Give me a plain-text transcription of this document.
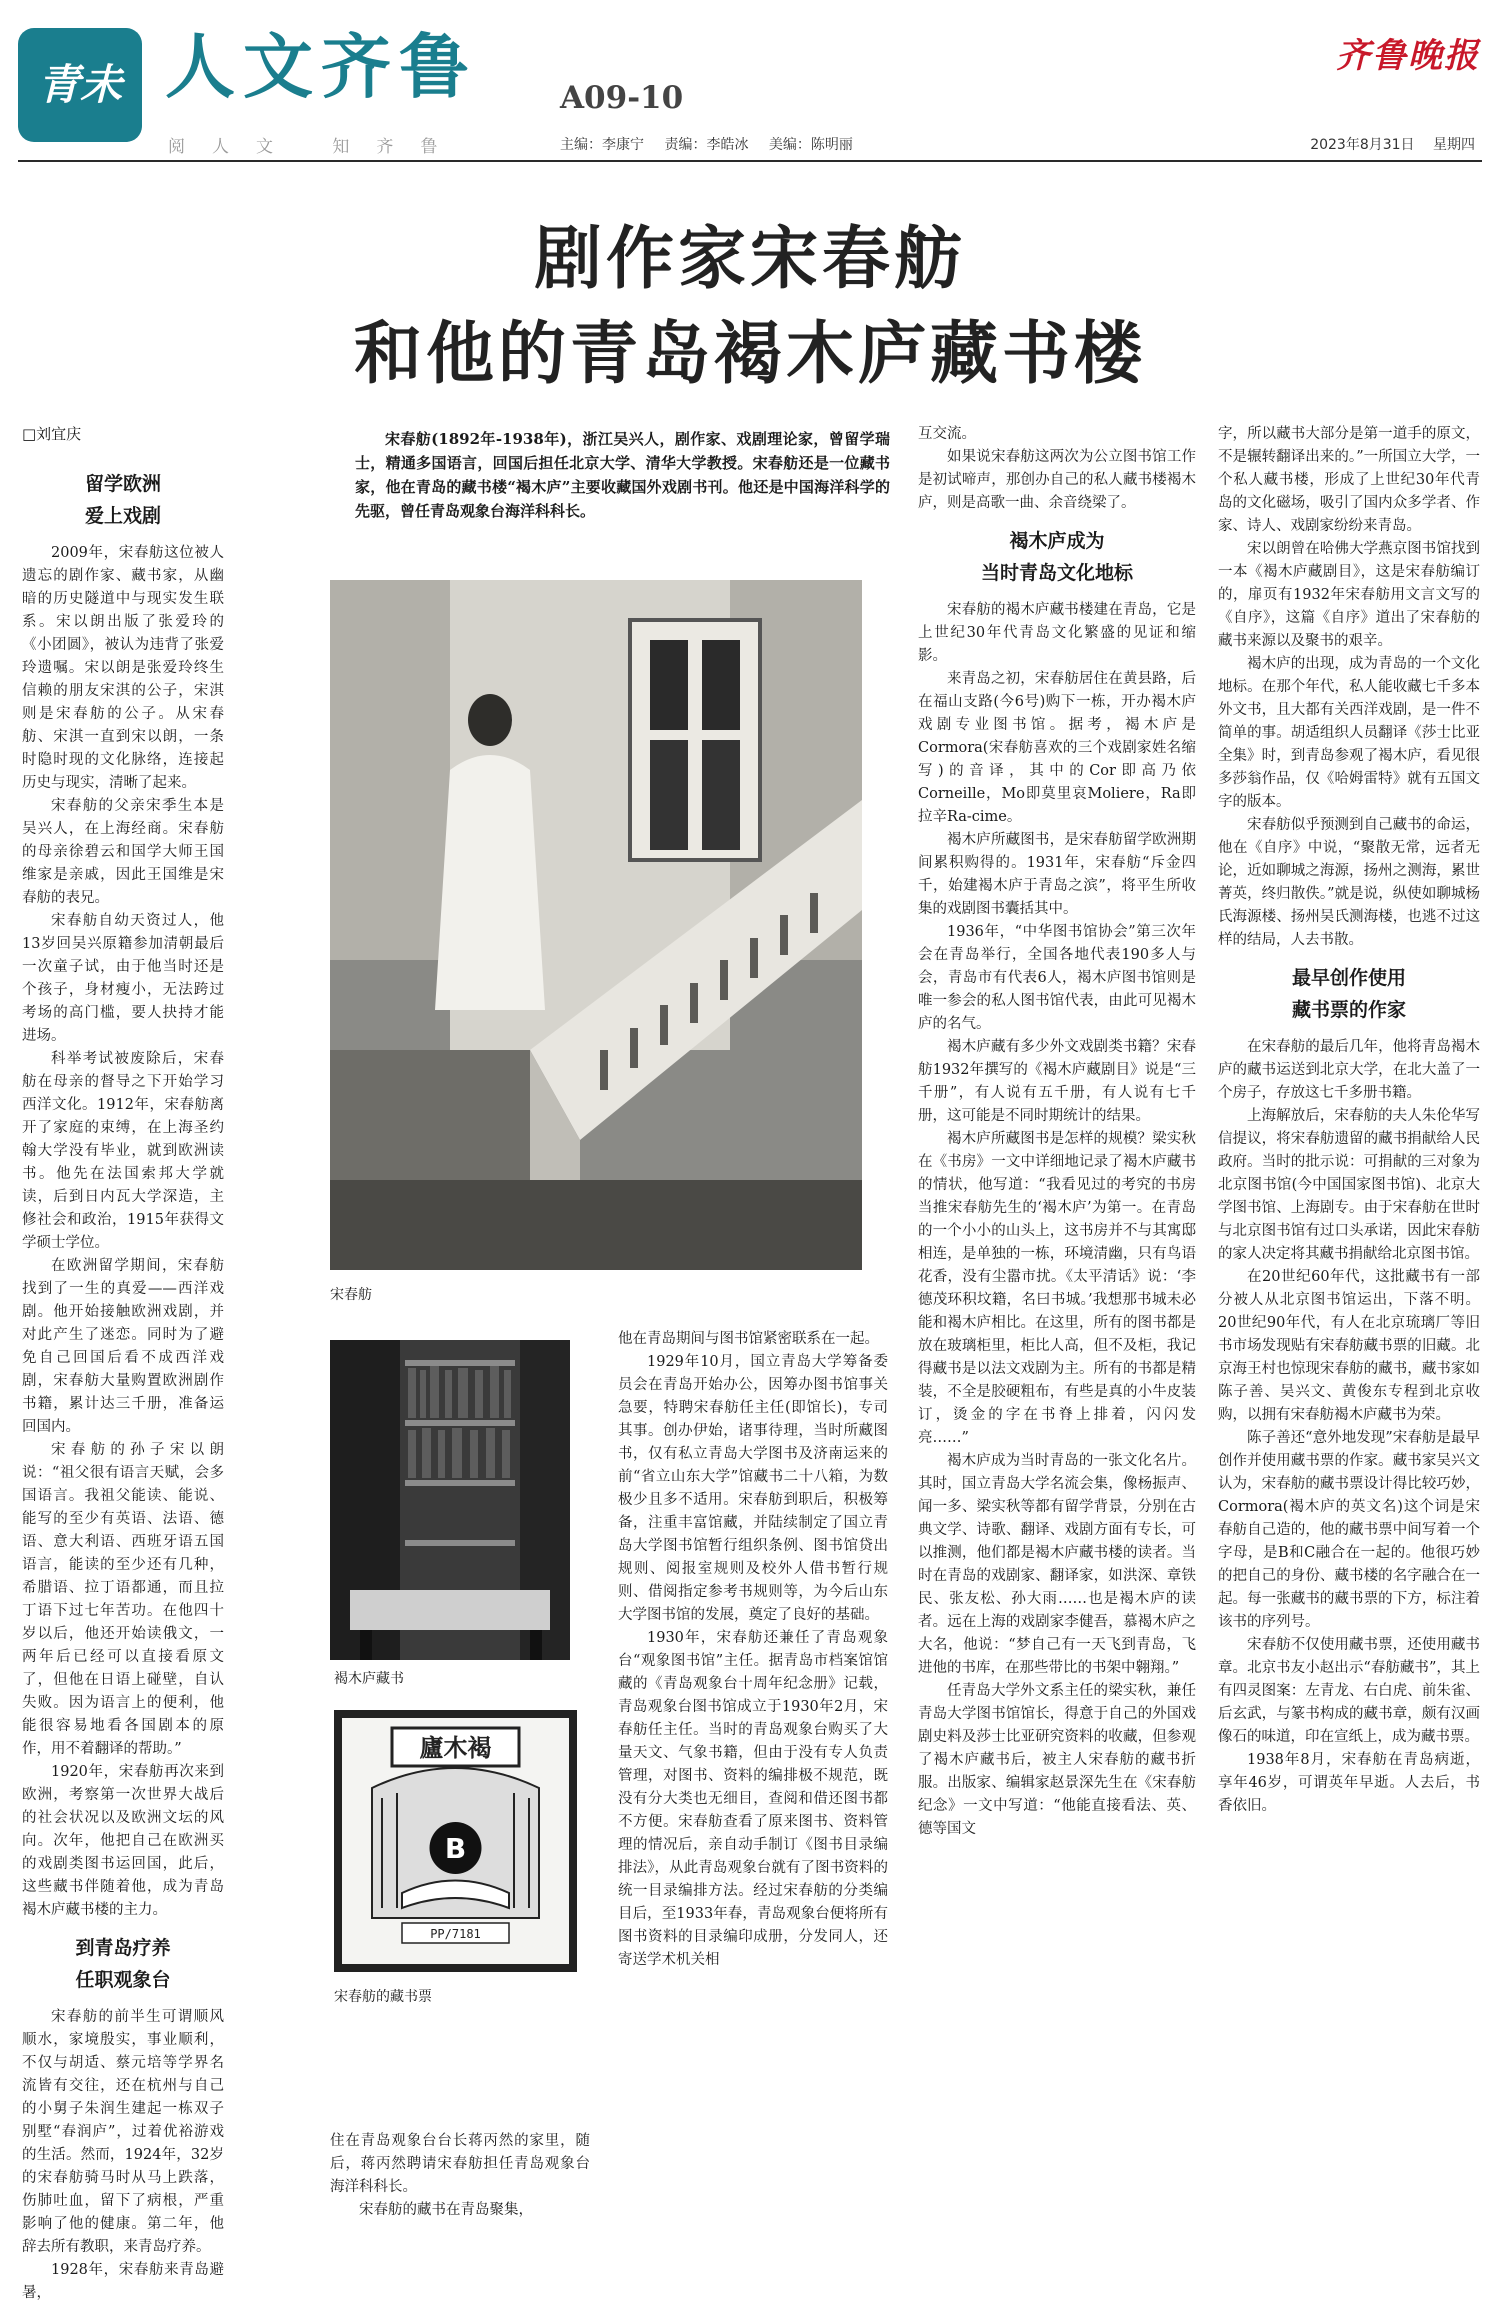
青未了
人文齐鲁	A09-10
齐鲁晚报
阅人文 知齐鲁	主编：李康宁 责编：李皓冰 美编：陈明丽	2023年8月31日 星期四
剧作家宋春舫
和他的青岛褐木庐藏书楼
□刘宜庆	宋春舫(1892年-1938年)，浙江吴兴人，剧作家、戏剧理论家，曾留学瑞士，精通多国语言，回国后担任北京大学、清华大学教授。宋春舫还是一位藏书家，他在青岛的藏书楼“褐木庐”主要收藏国外戏剧书刊。他还是中国海洋科学的先驱，曾任青岛观象台海洋科科长。
留学欧洲
爱上戏剧

2009年，宋春舫这位被人遗忘的剧作家、藏书家，从幽暗的历史隧道中与现实发生联系。宋以朗出版了张爱玲的《小团圆》，被认为违背了张爱玲遗嘱。宋以朗是张爱玲终生信赖的朋友宋淇的公子，宋淇则是宋春舫的公子。从宋春舫、宋淇一直到宋以朗，一条时隐时现的文化脉络，连接起历史与现实，清晰了起来。

宋春舫的父亲宋季生本是吴兴人，在上海经商。宋春舫的母亲徐碧云和国学大师王国维家是亲戚，因此王国维是宋春舫的表兄。

宋春舫自幼天资过人，他13岁回吴兴原籍参加清朝最后一次童子试，由于他当时还是个孩子，身材瘦小，无法跨过考场的高门槛，要人抉持才能进场。

科举考试被废除后，宋春舫在母亲的督导之下开始学习西洋文化。1912年，宋春舫离开了家庭的束缚，在上海圣约翰大学没有毕业，就到欧洲读书。他先在法国索邦大学就读，后到日内瓦大学深造，主修社会和政治，1915年获得文学硕士学位。

在欧洲留学期间，宋春舫找到了一生的真爱——西洋戏剧。他开始接触欧洲戏剧，并对此产生了迷恋。同时为了避免自己回国后看不成西洋戏剧，宋春舫大量购置欧洲剧作书籍，累计达三千册，准备运回国内。

宋春舫的孙子宋以朗说：“祖父很有语言天赋，会多国语言。我祖父能读、能说、能写的至少有英语、法语、德语、意大利语、西班牙语五国语言，能读的至少还有几种，希腊语、拉丁语都通，而且拉丁语下过七年苦功。在他四十岁以后，他还开始读俄文，一两年后已经可以直接看原文了，但他在日语上碰壁，自认失败。因为语言上的便利，他能很容易地看各国剧本的原作，用不着翻译的帮助。”

1920年，宋春舫再次来到欧洲，考察第一次世界大战后的社会状况以及欧洲文坛的风向。次年，他把自己在欧洲买的戏剧类图书运回国，此后，这些藏书伴随着他，成为青岛褐木庐藏书楼的主力。

到青岛疗养
任职观象台

宋春舫的前半生可谓顺风顺水，家境殷实，事业顺利，不仅与胡适、蔡元培等学界名流皆有交往，还在杭州与自己的小舅子朱润生建起一栋双子别墅“春润庐”，过着优裕游戏的生活。然而，1924年，32岁的宋春舫骑马时从马上跌落，伤肺吐血，留下了病根，严重影响了他的健康。第二年，他辞去所有教职，来青岛疗养。

1928年，宋春舫来青岛避暑，

宋春舫
褐木庐藏书
廬木褐
B
PP/7181
宋春舫的藏书票

他在青岛期间与图书馆紧密联系在一起。

1929年10月，国立青岛大学筹备委员会在青岛开始办公，因筹办图书馆事关急要，特聘宋春舫任主任(即馆长)，专司其事。创办伊始，诸事待理，当时所藏图书，仅有私立青岛大学图书及济南运来的前“省立山东大学”馆藏书二十八箱，为数极少且多不适用。宋春舫到职后，积极筹备，注重丰富馆藏，并陆续制定了国立青岛大学图书馆暂行组织条例、图书馆贷出规则、阅报室规则及校外人借书暂行规则、借阅指定参考书规则等，为今后山东大学图书馆的发展，奠定了良好的基础。

1930年，宋春舫还兼任了青岛观象台“观象图书馆”主任。据青岛市档案馆馆藏的《青岛观象台十周年纪念册》记载，青岛观象台图书馆成立于1930年2月，宋春舫任主任。当时的青岛观象台购买了大量天文、气象书籍，但由于没有专人负责管理，对图书、资料的编排极不规范，既没有分大类也无细目，查阅和借还图书都不方便。宋春舫查看了原来图书、资料管理的情况后，亲自动手制订《图书目录编排法》，从此青岛观象台就有了图书资料的统一目录编排方法。经过宋春舫的分类编目后，至1933年春，青岛观象台便将所有图书资料的目录编印成册，分发同人，还寄送学术机关相

住在青岛观象台台长蒋丙然的家里，随后，蒋丙然聘请宋春舫担任青岛观象台海洋科科长。

宋春舫的藏书在青岛聚集，

互交流。

如果说宋春舫这两次为公立图书馆工作是初试啼声，那创办自己的私人藏书楼褐木庐，则是高歌一曲、余音绕梁了。

褐木庐成为
当时青岛文化地标

宋春舫的褐木庐藏书楼建在青岛，它是上世纪30年代青岛文化繁盛的见证和缩影。

来青岛之初，宋春舫居住在黄县路，后在福山支路(今6号)购下一栋，开办褐木庐戏剧专业图书馆。据考，褐木庐是Cormora(宋春舫喜欢的三个戏剧家姓名缩写)的音译，其中的Cor即高乃依Corneille，Mo即莫里哀Moliere，Ra即拉辛Ra-cime。

褐木庐所藏图书，是宋春舫留学欧洲期间累积购得的。1931年，宋春舫“斥金四千，始建褐木庐于青岛之滨”，将平生所收集的戏剧图书囊括其中。

1936年，“中华图书馆协会”第三次年会在青岛举行，全国各地代表190多人与会，青岛市有代表6人，褐木庐图书馆则是唯一参会的私人图书馆代表，由此可见褐木庐的名气。

褐木庐藏有多少外文戏剧类书籍？宋春舫1932年撰写的《褐木庐藏剧目》说是“三千册”，有人说有五千册，有人说有七千册，这可能是不同时期统计的结果。

褐木庐所藏图书是怎样的规模？梁实秋在《书房》一文中详细地记录了褐木庐藏书的情状，他写道：“我看见过的考究的书房当推宋春舫先生的‘褐木庐’为第一。在青岛的一个小小的山头上，这书房并不与其寓邸相连，是单独的一栋，环境清幽，只有鸟语花香，没有尘嚣市扰。《太平清话》说：‘李德茂环积坟籍，名曰书城。’我想那书城未必能和褐木庐相比。在这里，所有的图书都是放在玻璃柜里，柜比人高，但不及柜，我记得藏书是以法文戏剧为主。所有的书都是精装，不全是胶硬粗布，有些是真的小牛皮装订，烫金的字在书脊上排着，闪闪发亮……”

褐木庐成为当时青岛的一张文化名片。其时，国立青岛大学名流会集，像杨振声、闻一多、梁实秋等都有留学背景，分别在古典文学、诗歌、翻译、戏剧方面有专长，可以推测，他们都是褐木庐藏书楼的读者。当时在青岛的戏剧家、翻译家，如洪深、章铁民、张友松、孙大雨……也是褐木庐的读者。远在上海的戏剧家李健吾，慕褐木庐之大名，他说：“梦自己有一天飞到青岛，飞进他的书库，在那些带比的书架中翱翔。”

任青岛大学外文系主任的梁实秋，兼任青岛大学图书馆馆长，得意于自己的外国戏剧史料及莎士比亚研究资料的收藏，但参观了褐木庐藏书后，被主人宋春舫的藏书折服。出版家、编辑家赵景深先生在《宋春舫纪念》一文中写道：“他能直接看法、英、德等国文

字，所以藏书大部分是第一道手的原文，不是辗转翻译出来的。”一所国立大学，一个私人藏书楼，形成了上世纪30年代青岛的文化磁场，吸引了国内众多学者、作家、诗人、戏剧家纷纷来青岛。

宋以朗曾在哈佛大学燕京图书馆找到一本《褐木庐藏剧目》，这是宋春舫编订的，扉页有1932年宋春舫用文言文写的《自序》，这篇《自序》道出了宋春舫的藏书来源以及聚书的艰辛。

褐木庐的出现，成为青岛的一个文化地标。在那个年代，私人能收藏七千多本外文书，且大都有关西洋戏剧，是一件不简单的事。胡适组织人员翻译《莎士比亚全集》时，到青岛参观了褐木庐，看见很多莎翁作品，仅《哈姆雷特》就有五国文字的版本。

宋春舫似乎预测到自己藏书的命运，他在《自序》中说，“聚散无常，远者无论，近如聊城之海源，扬州之测海，累世菁英，终归散佚。”就是说，纵使如聊城杨氏海源楼、扬州吴氏测海楼，也逃不过这样的结局，人去书散。

最早创作使用
藏书票的作家

在宋春舫的最后几年，他将青岛褐木庐的藏书运送到北京大学，在北大盖了一个房子，存放这七千多册书籍。

上海解放后，宋春舫的夫人朱伦华写信提议，将宋春舫遗留的藏书捐献给人民政府。当时的批示说：可捐献的三对象为北京图书馆(今中国国家图书馆)、北京大学图书馆、上海剧专。由于宋春舫在世时与北京图书馆有过口头承诺，因此宋春舫的家人决定将其藏书捐献给北京图书馆。

在20世纪60年代，这批藏书有一部分被人从北京图书馆运出，下落不明。20世纪90年代，有人在北京琉璃厂等旧书市场发现贴有宋春舫藏书票的旧藏。北京海王村也惊现宋春舫的藏书，藏书家如陈子善、吴兴文、黄俊东专程到北京收购，以拥有宋春舫褐木庐藏书为荣。

陈子善还“意外地发现”宋春舫是最早创作并使用藏书票的作家。藏书家吴兴文认为，宋春舫的藏书票设计得比较巧妙，Cormora(褐木庐的英文名)这个词是宋春舫自己造的，他的藏书票中间写着一个字母，是B和C融合在一起的。他很巧妙的把自己的身份、藏书楼的名字融合在一起。每一张藏书的藏书票的下方，标注着该书的序列号。

宋春舫不仅使用藏书票，还使用藏书章。北京书友小赵出示“春舫藏书”，其上有四灵图案：左青龙、右白虎、前朱雀、后玄武，与篆书构成的藏书章，颇有汉画像石的味道，印在宣纸上，成为藏书票。

1938年8月，宋春舫在青岛病逝，享年46岁，可谓英年早逝。人去后，书香依旧。
